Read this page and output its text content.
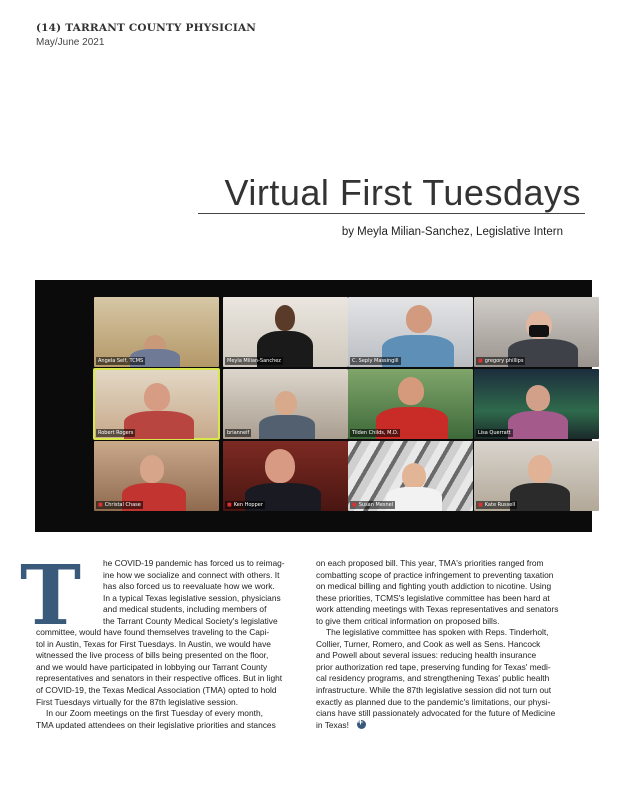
(14) TARRANT COUNTY PHYSICIAN
May/June 2021
Virtual First Tuesdays
by Meyla Milian-Sanchez, Legislative Intern
Angela Self, TCMS	Meyla Milian-Sanchez	C. Seply Massingill	■ gregory phillips
Robert Rogers	briannelf	Tilden Childs, M.D.	Lisa Querratt
■ Christal Chase	■ Ken Hopper	■ Susan Mesnel	■ Kate Russell
T	he COVID-19 pandemic has forced us to reimag-

ine how we socialize and connect with others. It

has also forced us to reevaluate how we work.

In a typical Texas legislative session, physicians

and medical students, including members of

the Tarrant County Medical Society's legislative

committee, would have found themselves traveling to the Capi-

tol in Austin, Texas for First Tuesdays. In Austin, we would have

witnessed the live process of bills being presented on the floor,

and we would have participated in lobbying our Tarrant County

representatives and senators in their respective offices. But in light

of COVID-19, the Texas Medical Association (TMA) opted to hold

First Tuesdays virtually for the 87th legislative session.

In our Zoom meetings on the first Tuesday of every month,

TMA updated attendees on their legislative priorities and stances

on each proposed bill. This year, TMA's priorities ranged from

combatting scope of practice infringement to preventing taxation

on medical billing and fighting youth addiction to nicotine. Using

these priorities, TCMS's legislative committee has been hard at

work attending meetings with Texas representatives and senators

to give them critical information on proposed bills.

The legislative committee has spoken with Reps. Tinderholt,

Collier, Turner, Romero, and Cook as well as Sens. Hancock

and Powell about several issues: reducing health insurance

prior authorization red tape, preserving funding for Texas' medi-

cal residency programs, and strengthening Texas' public health

infrastructure. While the 87th legislative session did not turn out

exactly as planned due to the pandemic's limitations, our physi-

cians have still passionately advocated for the future of Medicine

in Texas!+
